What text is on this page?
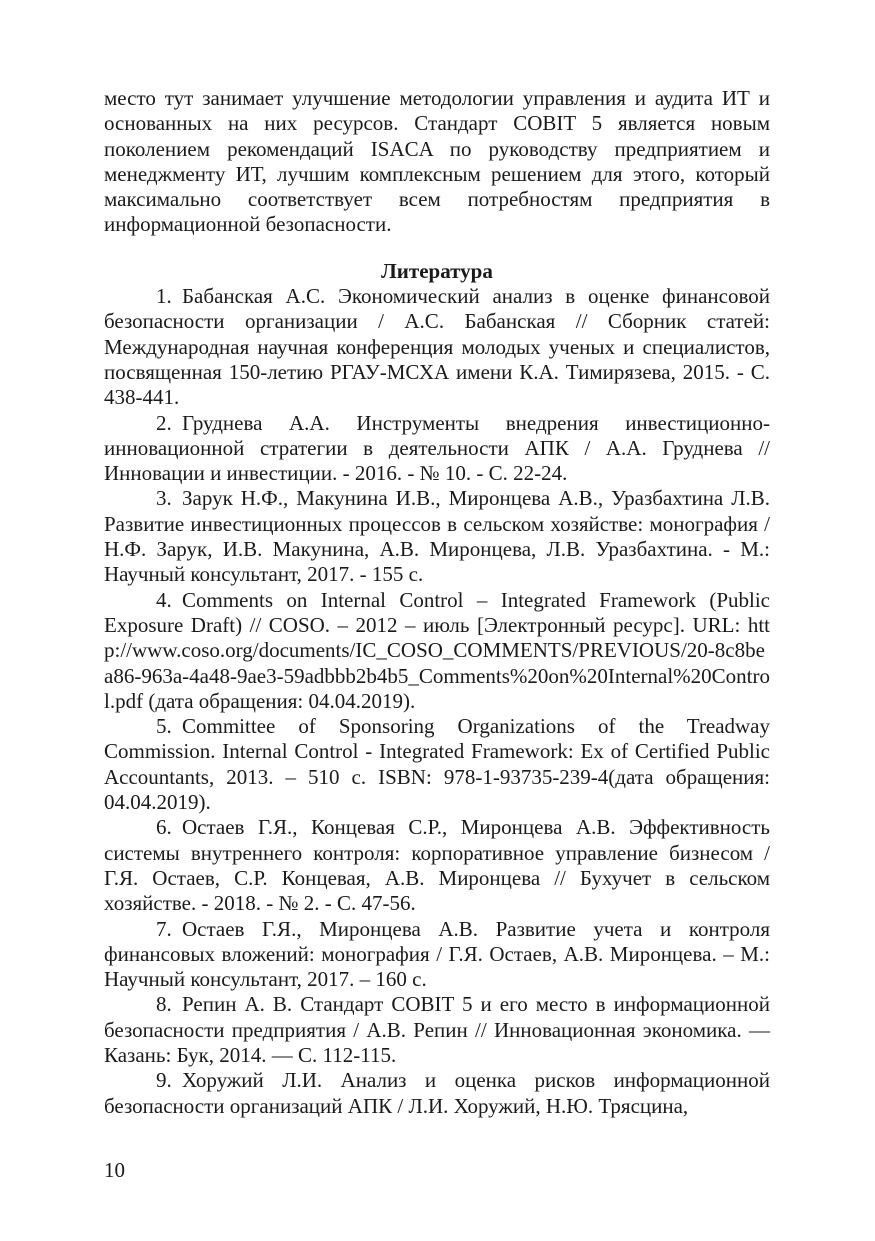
место тут занимает улучшение методологии управления и аудита ИТ и основанных на них ресурсов. Стандарт COBIT 5 является новым поколением рекомендаций ISACA по руководству предприятием и менеджменту ИТ, лучшим комплексным решением для этого, который максимально соответствует всем потребностям предприятия в информационной безопасности.

Литература

1. Бабанская А.С. Экономический анализ в оценке финансовой безопасности организации / А.С. Бабанская // Сборник статей: Международная научная конференция молодых ученых и специалистов, посвященная 150-летию РГАУ-МСХА имени К.А. Тимирязева, 2015. - С. 438-441.

2. Груднева А.А. Инструменты внедрения инвестиционно-инновационной стратегии в деятельности АПК / А.А. Груднева // Инновации и инвестиции. - 2016. - № 10. - С. 22-24.

3. Зарук Н.Ф., Макунина И.В., Миронцева А.В., Уразбахтина Л.В. Развитие инвестиционных процессов в сельском хозяйстве: монография / Н.Ф. Зарук, И.В. Макунина, А.В. Миронцева, Л.В. Уразбахтина. - М.: Научный консультант, 2017. - 155 с.

4. Comments on Internal Control – Integrated Framework (Public Exposure Draft) // COSO. – 2012 – июль [Электронный ресурс]. URL: http://www.coso.org/documents/IC_COSO_COMMENTS/PREVIOUS/20-8c8bea86-963a-4a48-9ae3-59adbbb2b4b5_Comments%20on%20Internal%20Control.pdf (дата обращения: 04.04.2019).

5. Committee of Sponsoring Organizations of the Treadway Commission. Internal Control - Integrated Framework: Ex of Certified Public Accountants, 2013. – 510 с. ISBN: 978-1-93735-239-4(дата обращения: 04.04.2019).

6. Остаев Г.Я., Концевая С.Р., Миронцева А.В. Эффективность системы внутреннего контроля: корпоративное управление бизнесом / Г.Я. Остаев, С.Р. Концевая, А.В. Миронцева // Бухучет в сельском хозяйстве. - 2018. - № 2. - С. 47-56.

7. Остаев Г.Я., Миронцева А.В. Развитие учета и контроля финансовых вложений: монография / Г.Я. Остаев, А.В. Миронцева. – М.: Научный консультант, 2017. – 160 с.

8. Репин А. В. Стандарт COBIT 5 и его место в информационной безопасности предприятия / А.В. Репин // Инновационная экономика. — Казань: Бук, 2014. — С. 112-115.

9. Хоружий Л.И. Анализ и оценка рисков информационной безопасности организаций АПК / Л.И. Хоружий, Н.Ю. Трясцина,

10
